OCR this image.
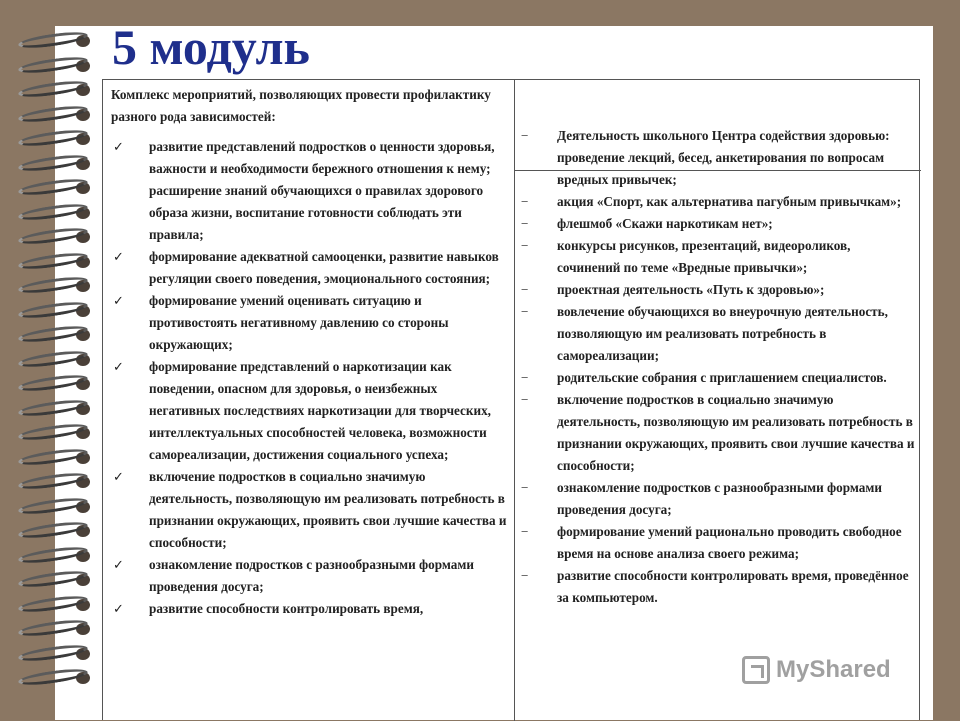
5 модуль

Комплекс мероприятий, позволяющих провести профилактику разного рода зависимостей:

✓ развитие представлений подростков о ценности здоровья, важности и необходимости бережного отношения к нему; расширение знаний обучающихся о правилах здорового образа жизни, воспитание готовности соблюдать эти правила;
✓ формирование адекватной самооценки, развитие навыков регуляции своего поведения, эмоционального состояния;
✓ формирование умений оценивать ситуацию и противостоять негативному давлению со стороны окружающих;
✓ формирование представлений о наркотизации как поведении, опасном для здоровья, о неизбежных негативных последствиях наркотизации для творческих, интеллектуальных способностей человека, возможности самореализации, достижения социального успеха;
✓ включение подростков в социально значимую деятельность, позволяющую им реализовать потребность в признании окружающих, проявить свои лучшие качества и способности;
✓ ознакомление подростков с разнообразными формами проведения досуга;
✓ развитие способности контролировать время,
− Деятельность школьного Центра содействия здоровью: проведение лекций, бесед, анкетирования по вопросам вредных привычек;
− акция «Спорт, как альтернатива пагубным привычкам»;
− флешмоб «Скажи наркотикам нет»;
− конкурсы рисунков, презентаций, видеороликов, сочинений по теме «Вредные привычки»;
− проектная деятельность «Путь к здоровью»;
− вовлечение обучающихся во внеурочную деятельность, позволяющую им реализовать потребность в самореализации;
− родительские собрания с приглашением специалистов.
− включение подростков в социально значимую деятельность, позволяющую им реализовать потребность в признании окружающих, проявить свои лучшие качества и способности;
− ознакомление подростков с разнообразными формами проведения досуга;
− формирование умений рационально проводить свободное время на основе анализа своего режима;
− развитие способности контролировать время, проведённое за компьютером.
MyShared
